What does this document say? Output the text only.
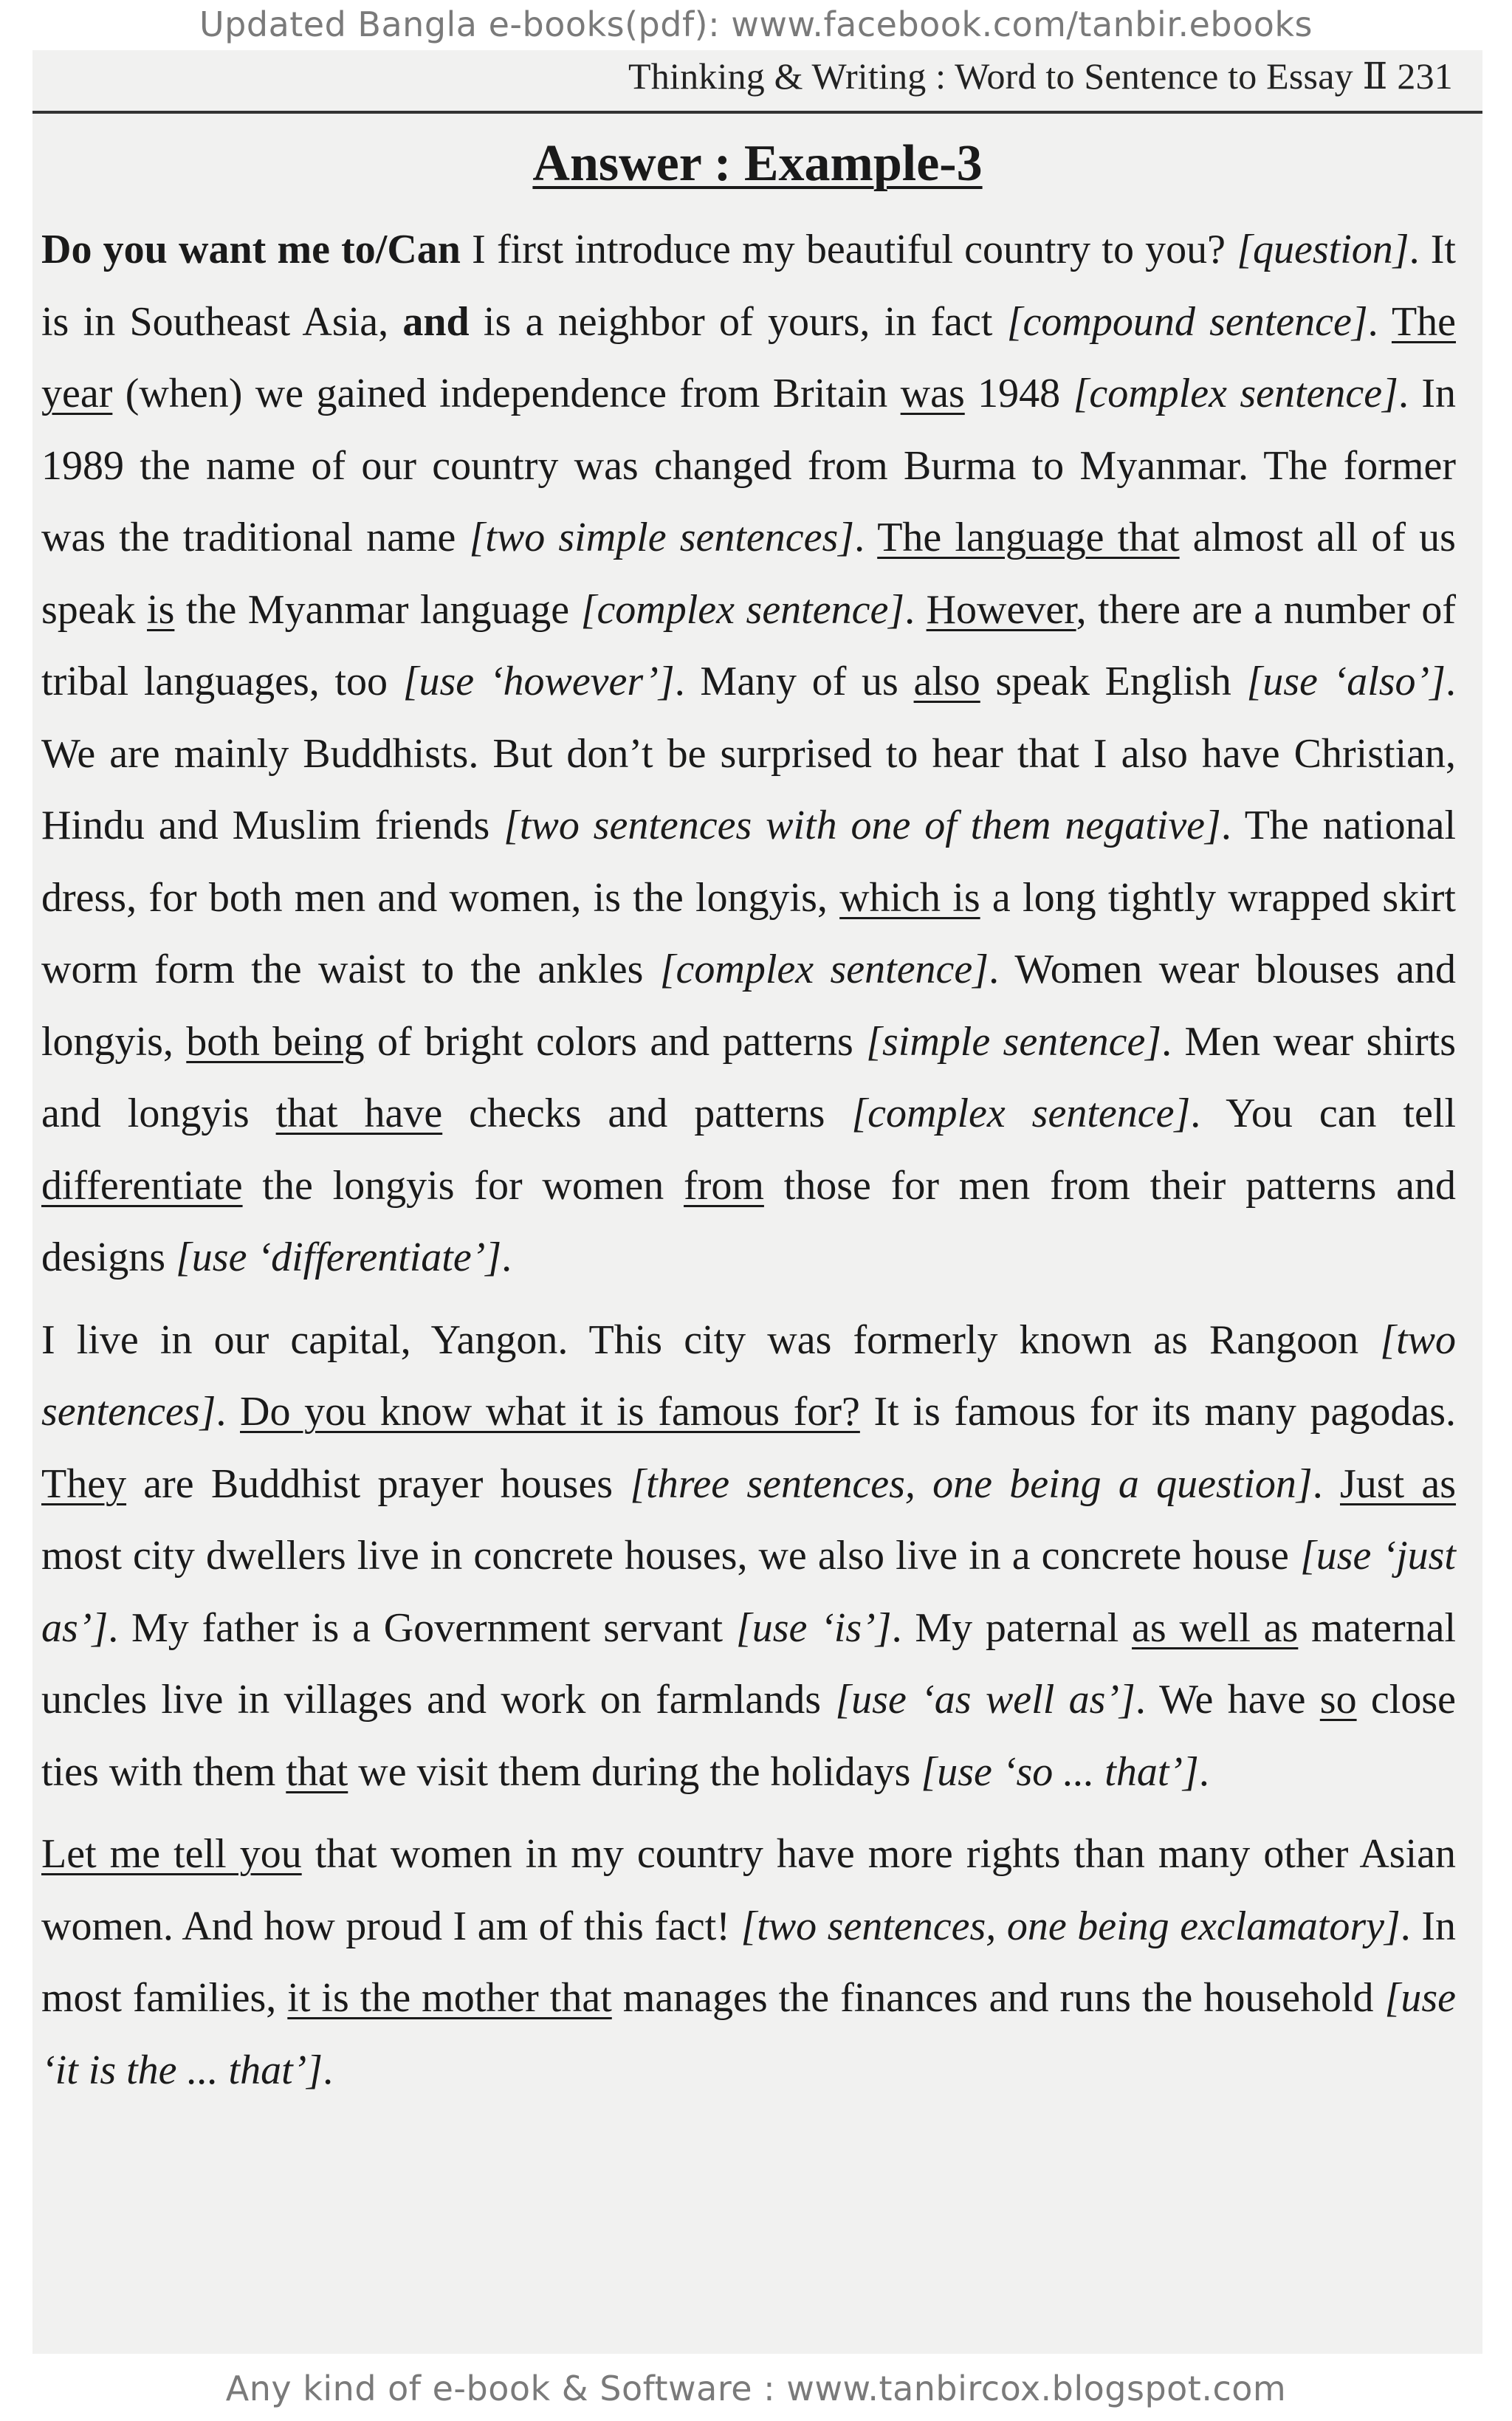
Updated Bangla e-books(pdf): www.facebook.com/tanbir.ebooks
Thinking & Writing : Word to Sentence to Essay Ⅱ 231
Answer : Example-3

Do you want me to/Can I first introduce my beautiful country to you? [question]. It is in Southeast Asia, and is a neighbor of yours, in fact [compound sentence]. The year (when) we gained independence from Britain was 1948 [complex sentence]. In 1989 the name of our country was changed from Burma to Myanmar. The former was the traditional name [two simple sentences]. The language that almost all of us speak is the Myanmar language [complex sentence]. However, there are a number of tribal languages, too [use ‘however’]. Many of us also speak English [use ‘also’]. We are mainly Buddhists. But don’t be surprised to hear that I also have Christian, Hindu and Muslim friends [two sentences with one of them negative]. The national dress, for both men and women, is the longyis, which is a long tightly wrapped skirt worm form the waist to the ankles [complex sentence]. Women wear blouses and longyis, both being of bright colors and patterns [simple sentence]. Men wear shirts and longyis that have checks and patterns [complex sentence]. You can tell differentiate the longyis for women from those for men from their patterns and designs [use ‘differentiate’].

I live in our capital, Yangon. This city was formerly known as Rangoon [two sentences]. Do you know what it is famous for? It is famous for its many pagodas. They are Buddhist prayer houses [three sentences, one being a question]. Just as most city dwellers live in concrete houses, we also live in a concrete house [use ‘just as’]. My father is a Government servant [use ‘is’]. My paternal as well as maternal uncles live in villages and work on farmlands [use ‘as well as’]. We have so close ties with them that we visit them during the holidays [use ‘so ... that’].

Let me tell you that women in my country have more rights than many other Asian women. And how proud I am of this fact! [two sentences, one being exclamatory]. In most families, it is the mother that manages the finances and runs the household [use ‘it is the ... that’].

Any kind of e-book & Software : www.tanbircox.blogspot.com
